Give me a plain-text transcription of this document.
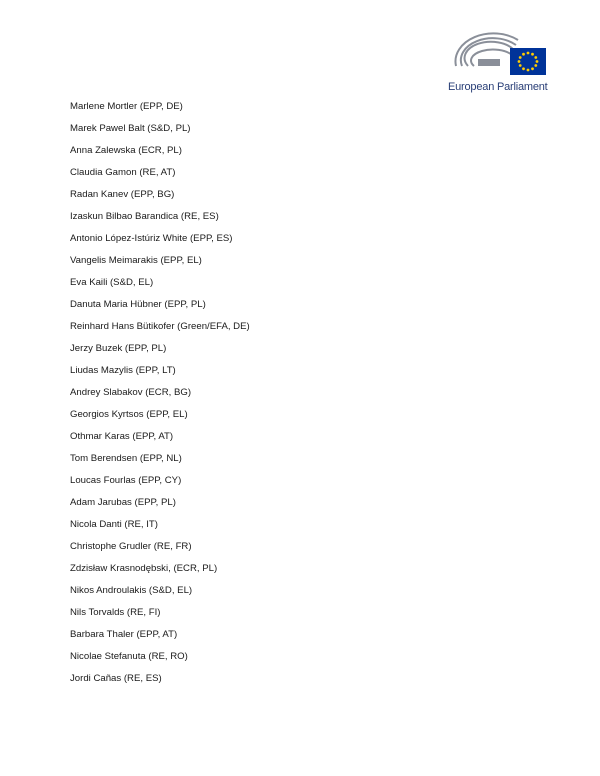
European Parliament
Marlene Mortler (EPP, DE)
Marek Pawel Balt (S&D, PL)
Anna Zalewska (ECR, PL)
Claudia Gamon (RE, AT)
Radan Kanev (EPP, BG)
Izaskun Bilbao Barandica (RE, ES)
Antonio López-Istúriz White (EPP, ES)
Vangelis Meimarakis (EPP, EL)
Eva Kaili (S&D, EL)
Danuta Maria Hübner (EPP, PL)
Reinhard Hans Bütikofer (Green/EFA, DE)
Jerzy Buzek (EPP, PL)
Liudas Mazylis (EPP, LT)
Andrey Slabakov (ECR, BG)
Georgios Kyrtsos (EPP, EL)
Othmar Karas (EPP, AT)
Tom Berendsen (EPP, NL)
Loucas Fourlas (EPP, CY)
Adam Jarubas (EPP, PL)
Nicola Danti (RE, IT)
Christophe Grudler (RE, FR)
Zdzisław Krasnodębski, (ECR, PL)
Nikos Androulakis (S&D, EL)
Nils Torvalds (RE, FI)
Barbara Thaler (EPP, AT)
Nicolae Stefanuta (RE, RO)
Jordi Cañas (RE, ES)
